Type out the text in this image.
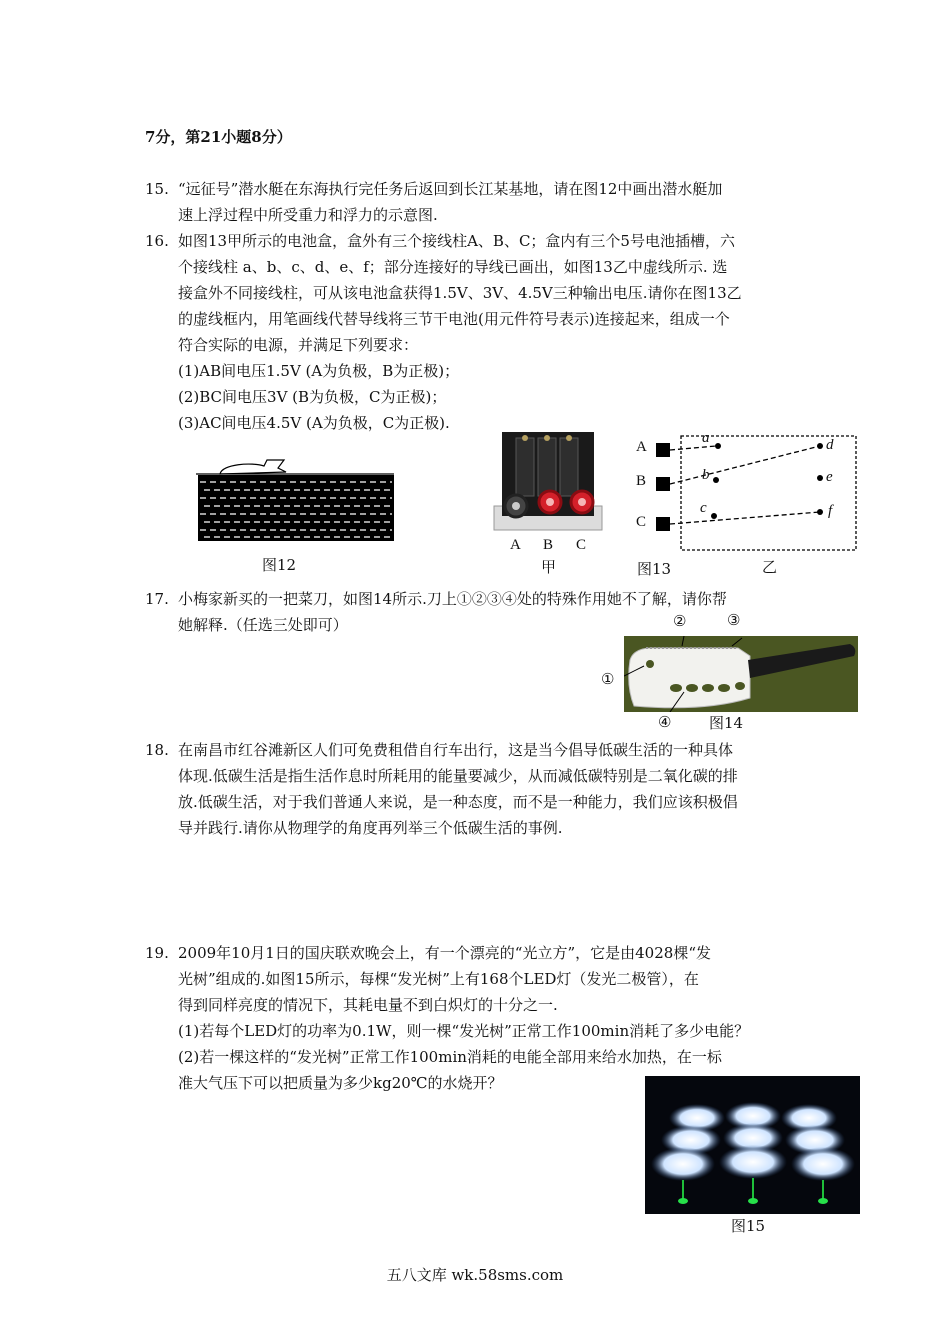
7分，第21小题8分）
15. “远征号”潜水艇在东海执行完任务后返回到长江某基地，请在图12中画出潜水艇加
速上浮过程中所受重力和浮力的示意图.
16. 如图13甲所示的电池盒，盒外有三个接线柱A、B、C；盒内有三个5号电池插槽，六
个接线柱 a、b、c、d、e、f；部分连接好的导线已画出，如图13乙中虚线所示. 选
接盒外不同接线柱，可从该电池盒获得1.5V、3V、4.5V三种输出电压.请你在图13乙
的虚线框内，用笔画线代替导线将三节干电池(用元件符号表示)连接起来，组成一个
符合实际的电源，并满足下列要求：
(1)AB间电压1.5V (A为负极，B为正极)；
(2)BC间电压3V (B为负极，C为正极)；
(3)AC间电压4.5V (A为负极，C为正极).
图12
A B C
甲
A
B
C
a
b
c
d
e
f
图13	乙
17. 小梅家新买的一把菜刀，如图14所示.刀上①②③④处的特殊作用她不了解，请你帮
她解释.（任选三处即可）	②	③
①
④	图14
18. 在南昌市红谷滩新区人们可免费租借自行车出行，这是当今倡导低碳生活的一种具体
体现.低碳生活是指生活作息时所耗用的能量要减少，从而减低碳特别是二氧化碳的排
放.低碳生活，对于我们普通人来说，是一种态度，而不是一种能力，我们应该积极倡
导并践行.请你从物理学的角度再列举三个低碳生活的事例.
19. 2009年10月1日的国庆联欢晚会上，有一个漂亮的“光立方”，它是由4028棵“发
光树”组成的.如图15所示，每棵“发光树”上有168个LED灯（发光二极管），在
得到同样亮度的情况下，其耗电量不到白炽灯的十分之一.
(1)若每个LED灯的功率为0.1W，则一棵“发光树”正常工作100min消耗了多少电能？
(2)若一棵这样的“发光树”正常工作100min消耗的电能全部用来给水加热，在一标
准大气压下可以把质量为多少kg20℃的水烧开？
图15
五八文库 wk.58sms.com
